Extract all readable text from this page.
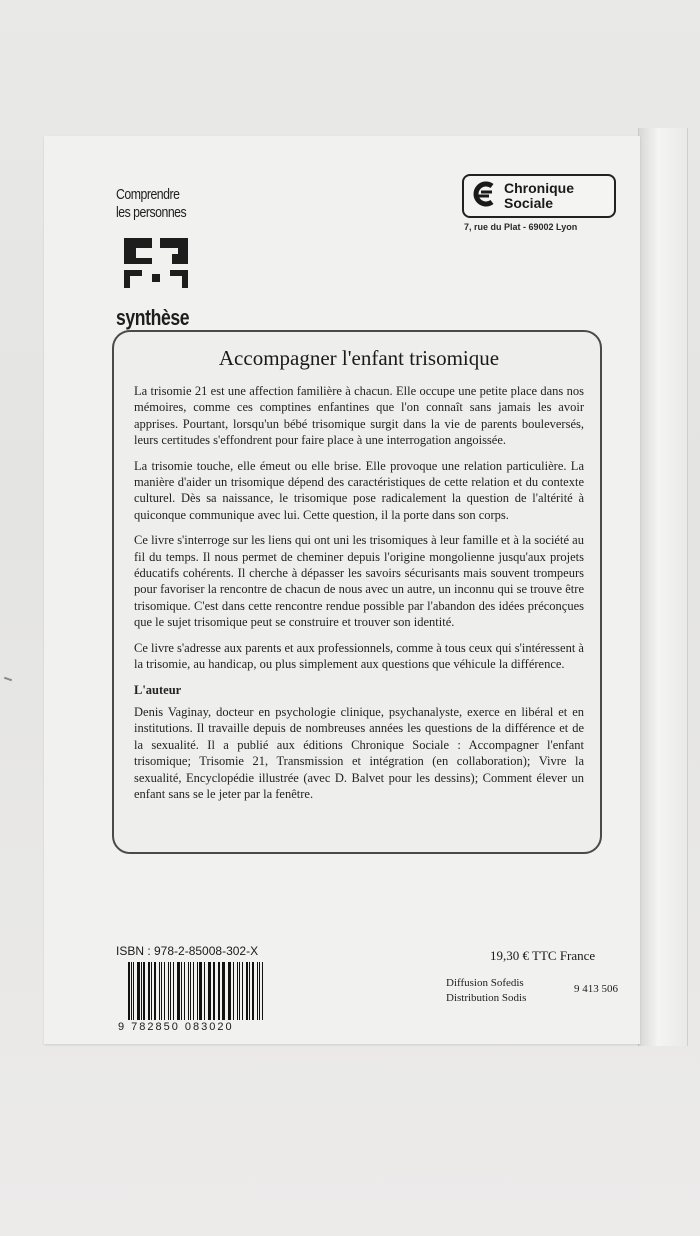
Comprendre
les personnes
synthèse
Chronique
Sociale
7, rue du Plat - 69002 Lyon
Accompagner l'enfant trisomique

La trisomie 21 est une affection familière à chacun. Elle occupe une petite place dans nos mémoires, comme ces comptines enfantines que l'on connaît sans jamais les avoir apprises. Pourtant, lorsqu'un bébé trisomique surgit dans la vie de parents bouleversés, leurs certitudes s'effondrent pour faire place à une interrogation angoissée.

La trisomie touche, elle émeut ou elle brise. Elle provoque une relation particulière. La manière d'aider un trisomique dépend des caractéristiques de cette relation et du contexte culturel. Dès sa naissance, le trisomique pose radicalement la question de l'altérité à quiconque communique avec lui. Cette question, il la porte dans son corps.

Ce livre s'interroge sur les liens qui ont uni les trisomiques à leur famille et à la société au fil du temps. Il nous permet de cheminer depuis l'origine mongolienne jusqu'aux projets éducatifs cohérents. Il cherche à dépasser les savoirs sécurisants mais souvent trompeurs pour favoriser la rencontre de chacun de nous avec un autre, un inconnu qui se trouve être trisomique. C'est dans cette rencontre rendue possible par l'abandon des idées préconçues que le sujet trisomique peut se construire et trouver son identité.

Ce livre s'adresse aux parents et aux professionnels, comme à tous ceux qui s'intéressent à la trisomie, au handicap, ou plus simplement aux questions que véhicule la différence.

L'auteur

Denis Vaginay, docteur en psychologie clinique, psychanalyste, exerce en libéral et en institutions. Il travaille depuis de nombreuses années les questions de la différence et de la sexualité. Il a publié aux éditions Chronique Sociale : Accompagner l'enfant trisomique; Trisomie 21, Transmission et intégration (en collaboration); Vivre la sexualité, Encyclopédie illustrée (avec D. Balvet pour les dessins); Comment élever un enfant sans se le jeter par la fenêtre.

ISBN : 978-2-85008-302-X
9 782850 083020
19,30 € TTC France
Diffusion Sofedis
Distribution Sodis
9 413 506
